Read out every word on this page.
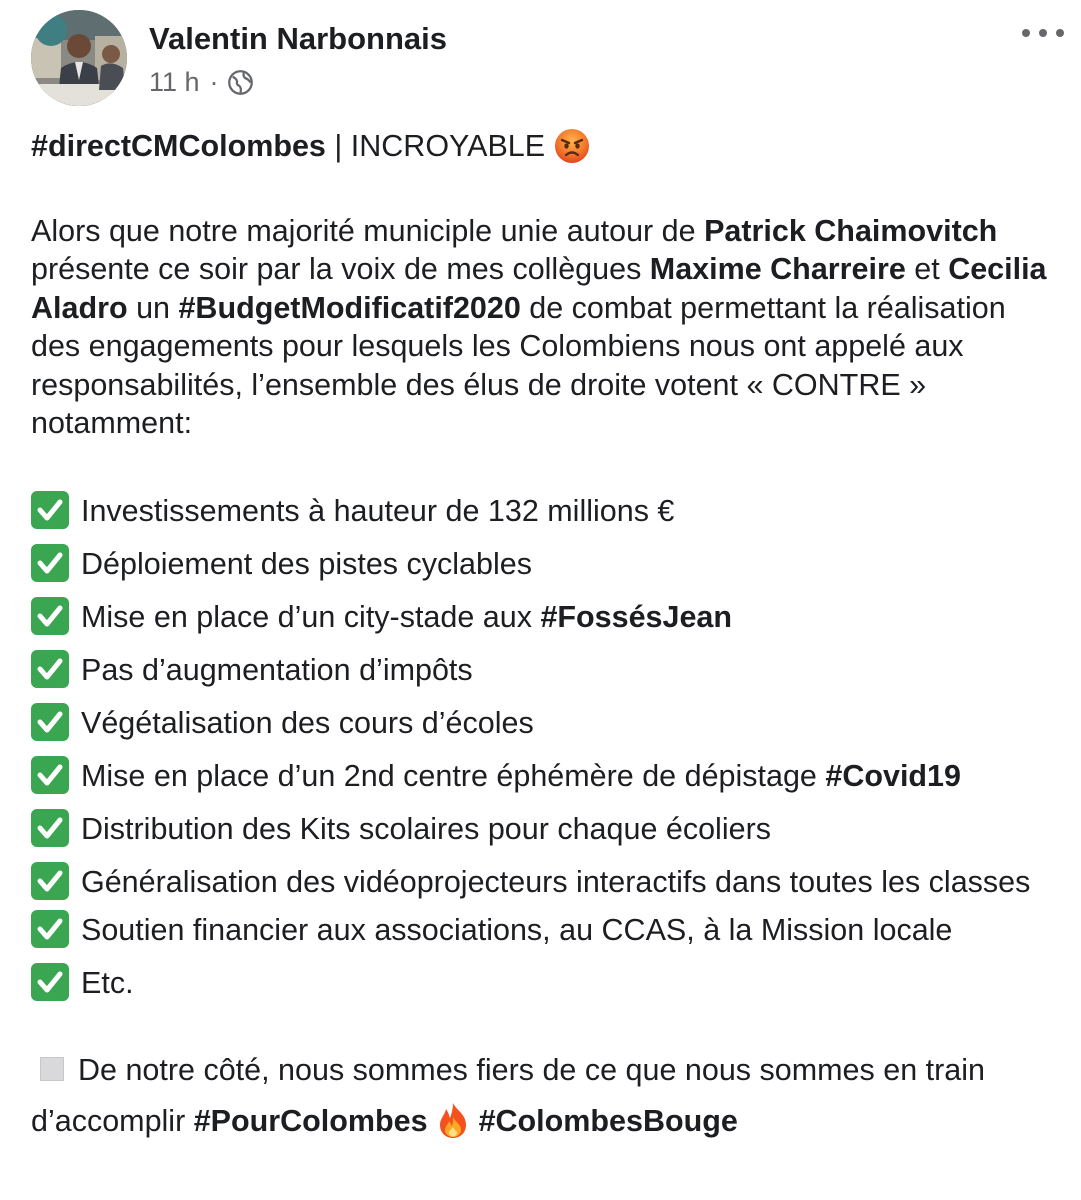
Valentin Narbonnais
11 h ·

#directCMColombes | INCROYABLE

Alors que notre majorité municiple unie autour de Patrick Chaimovitch présente ce soir par la voix de mes collègues Maxime Charreire et Cecilia Aladro un #BudgetModificatif2020 de combat permettant la réalisation des engagements pour lesquels les Colombiens nous ont appelé aux responsabilités, l’ensemble des élus de droite votent « CONTRE » notamment:

Investissements à hauteur de 132 millions €
Déploiement des pistes cyclables
Mise en place d’un city-stade aux #FossésJean
Pas d’augmentation d’impôts
Végétalisation des cours d’écoles
Mise en place d’un 2nd centre éphémère de dépistage #Covid19
Distribution des Kits scolaires pour chaque écoliers
Généralisation des vidéoprojecteurs interactifs dans toutes les classes
Soutien financier aux associations, au CCAS, à la Mission locale
Etc.

De notre côté, nous sommes fiers de ce que nous sommes en train d’accomplir #PourColombes #ColombesBouge
